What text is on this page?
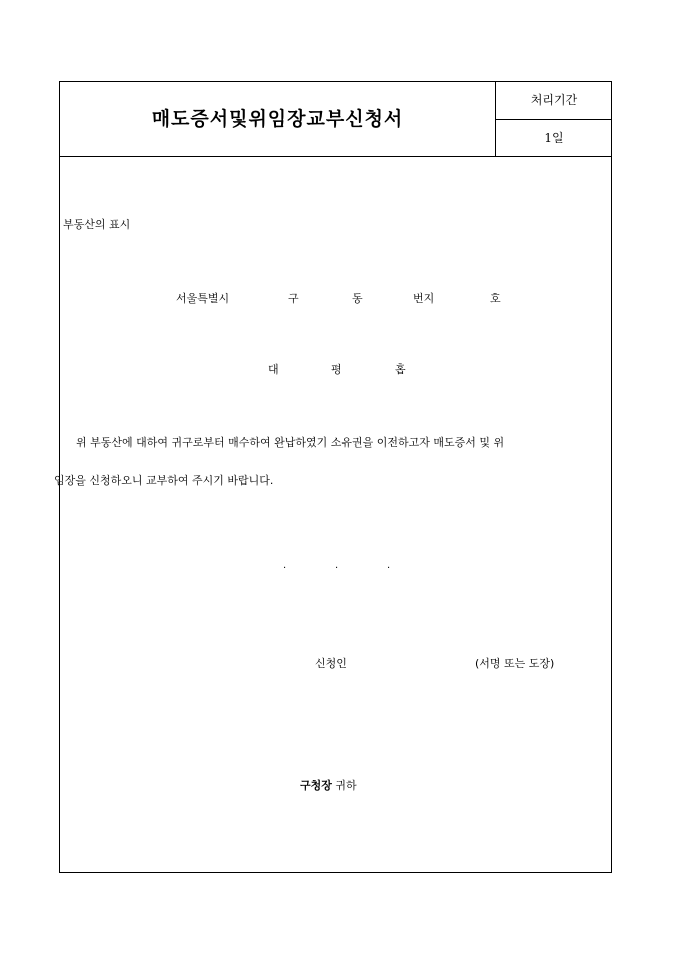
매도증서및위임장교부신청서
처리기간
1일
부동산의 표시
서울특별시	구	동	번지	호
대	평	홉
위 부동산에 대하여 귀구로부터 매수하여 완납하였기 소유권을 이전하고자 매도증서 및 위
임장을 신청하오니 교부하여 주시기 바랍니다.
.	.	.
신청인	(서명 또는 도장)
구청장 귀하
